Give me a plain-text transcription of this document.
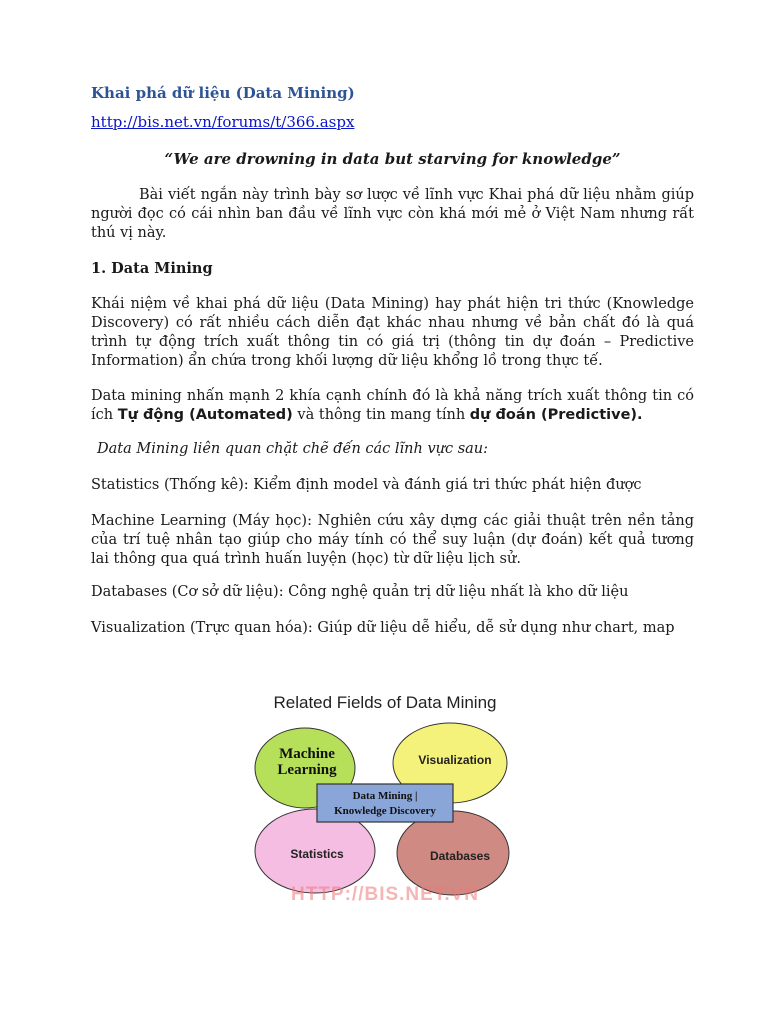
Khai phá dữ liệu (Data Mining)
http://bis.net.vn/forums/t/366.aspx
“We are drowning in data but starving for knowledge”

Bài viết ngắn này trình bày sơ lược về lĩnh vực Khai phá dữ liệu nhằm giúp người đọc có cái nhìn ban đầu về lĩnh vực còn khá mới mẻ ở Việt Nam nhưng rất thú vị này.

1. Data Mining

Khái niệm về khai phá dữ liệu (Data Mining) hay phát hiện tri thức (Knowledge Discovery) có rất nhiều cách diễn đạt khác nhau nhưng về bản chất đó là quá trình tự động trích xuất thông tin có giá trị (thông tin dự đoán – Predictive Information) ẩn chứa trong khối lượng dữ liệu khổng lồ trong thực tế.

Data mining nhấn mạnh 2 khía cạnh chính đó là khả năng trích xuất thông tin có ích Tự động (Automated) và thông tin mang tính dự đoán (Predictive).

Data Mining liên quan chặt chẽ đến các lĩnh vực sau:

Statistics (Thống kê): Kiểm định model và đánh giá tri thức phát hiện được

Machine Learning (Máy học): Nghiên cứu xây dựng các giải thuật trên nền tảng của trí tuệ nhân tạo giúp cho máy tính có thể suy luận (dự đoán) kết quả tương lai thông qua quá trình huấn luyện (học) từ dữ liệu lịch sử.

Databases (Cơ sở dữ liệu): Công nghệ quản trị dữ liệu nhất là kho dữ liệu

Visualization (Trực quan hóa): Giúp dữ liệu dễ hiểu, dễ sử dụng như chart, map

Related Fields of Data Mining
Machine
Learning
Visualization
Statistics	Databases
Data Mining |
Knowledge Discovery
HTTP://BIS.NET.VN
